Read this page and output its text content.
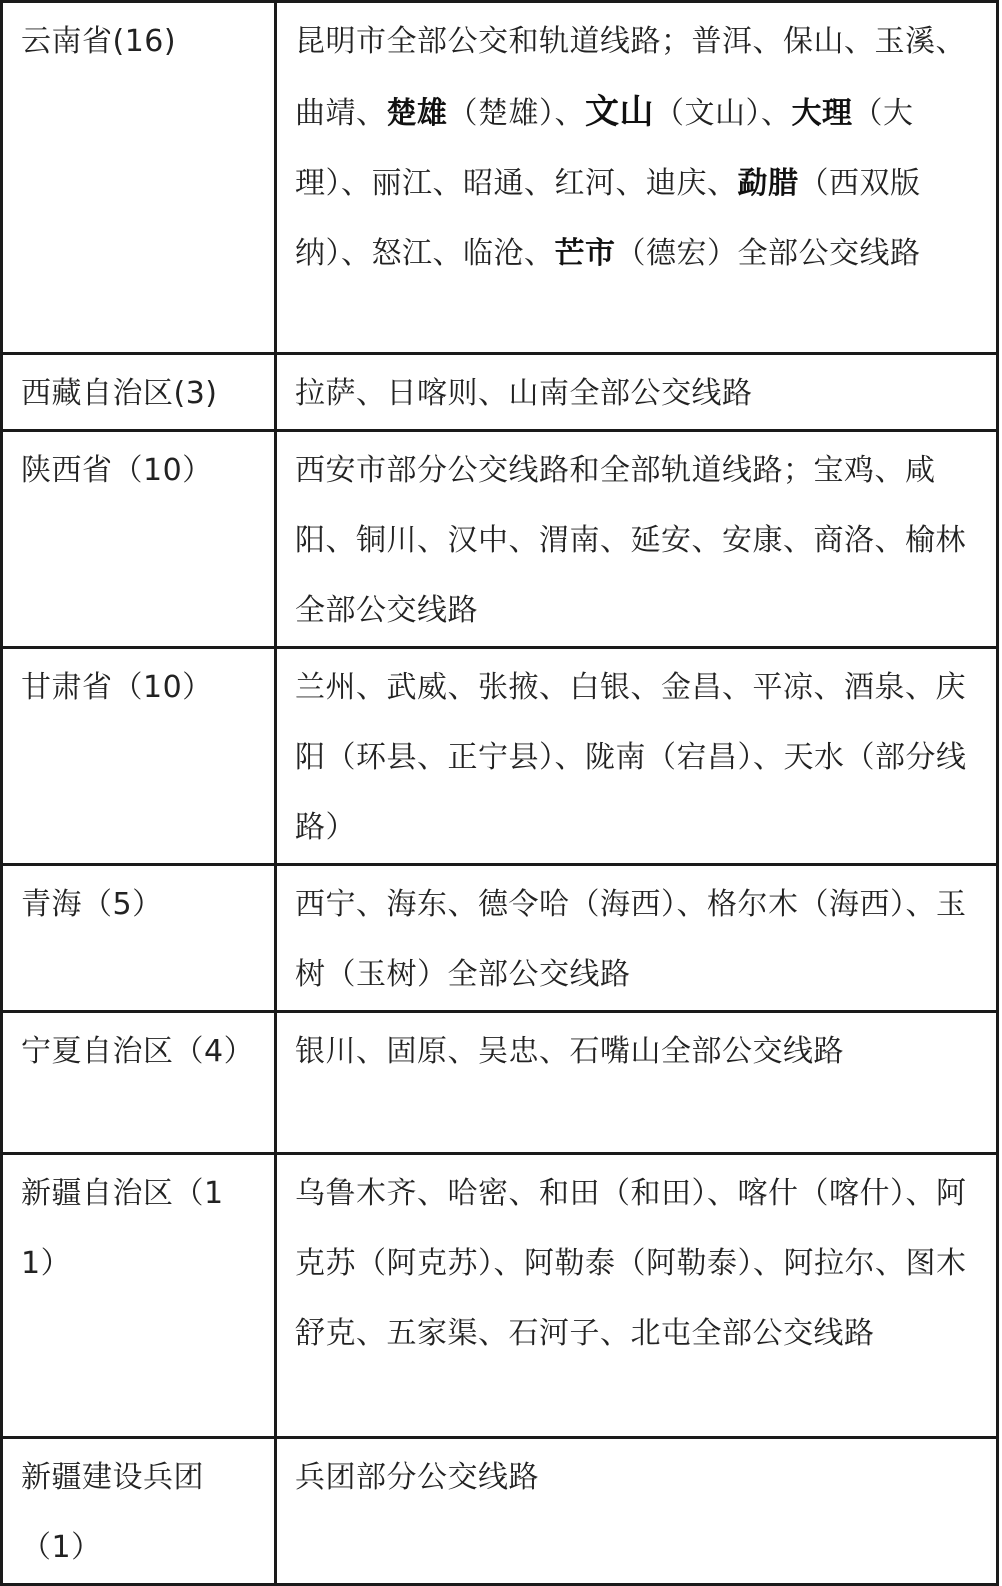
云南省(16)	昆明市全部公交和轨道线路；普洱、保山、玉溪、曲靖、楚雄（楚雄）、文山（文山）、大理（大理）、丽江、昭通、红河、迪庆、勐腊（西双版纳）、怒江、临沧、芒市（德宏）全部公交线路
西藏自治区(3)	拉萨、日喀则、山南全部公交线路
陕西省（10）	西安市部分公交线路和全部轨道线路；宝鸡、咸阳、铜川、汉中、渭南、延安、安康、商洛、榆林全部公交线路
甘肃省（10）	兰州、武威、张掖、白银、金昌、平凉、酒泉、庆阳（环县、正宁县）、陇南（宕昌）、天水（部分线路）
青海（5）	西宁、海东、德令哈（海西）、格尔木（海西）、玉树（玉树）全部公交线路
宁夏自治区（4）	银川、固原、吴忠、石嘴山全部公交线路
新疆自治区（11）	乌鲁木齐、哈密、和田（和田）、喀什（喀什）、阿克苏（阿克苏）、阿勒泰（阿勒泰）、阿拉尔、图木舒克、五家渠、石河子、北屯全部公交线路
新疆建设兵团（1）	兵团部分公交线路
